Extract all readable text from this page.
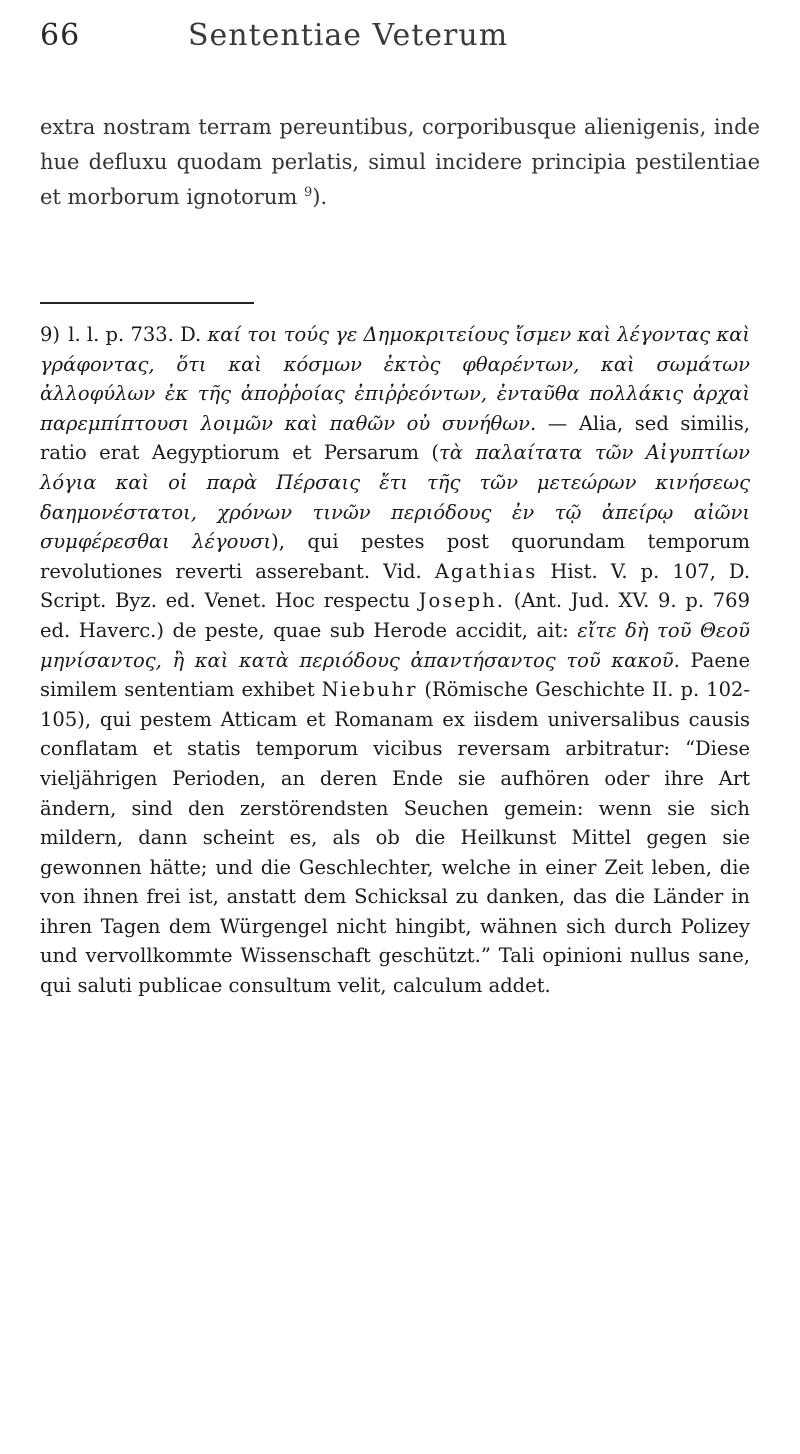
66	Sententiae Veterum

extra nostram terram pereuntibus, corporibusque alienigenis, inde hue defluxu quodam perlatis, simul incidere principia pestilentiae et morborum ignotorum $^9$).

9) l. l. p. 733. D. καί τοι τούς γε Δημοκριτείους ἴσμεν καὶ λέγοντας καὶ γράφοντας, ὅτι καὶ κόσμων ἐκτὸς φθαρέντων, καὶ σωμάτων ἀλλοφύλων ἐκ τῆς ἀποῤῥοίας ἐπιῤῥεόντων, ἐνταῦθα πολλάκις ἀρχαὶ παρεμπίπτουσι λοιμῶν καὶ παθῶν οὐ συνήθων. — Alia, sed similis, ratio erat Aegyptiorum et Persarum (τὰ παλαίτατα τῶν Αἰγυπτίων λόγια καὶ οἱ παρὰ Πέρσαις ἔτι τῆς τῶν μετεώρων κινήσεως δαημονέστατοι, χρόνων τινῶν περιόδους ἐν τῷ ἀπείρῳ αἰῶνι συμφέρεσθαι λέγουσι), qui pestes post quorundam temporum revolutiones reverti asserebant. Vid. Agathias Hist. V. p. 107, D. Script. Byz. ed. Venet. Hoc respectu Joseph. (Ant. Jud. XV. 9. p. 769 ed. Haverc.) de peste, quae sub Herode accidit, ait: εἴτε δὴ τοῦ Θεοῦ μηνίσαντος, ἢ καὶ κατὰ περιόδους ἀπαντήσαντος τοῦ κακοῦ. Paene similem sententiam exhibet Niebuhr (Römische Geschichte II. p. 102-105), qui pestem Atticam et Romanam ex iisdem universalibus causis conflatam et statis temporum vicibus reversam arbitratur: “Diese vieljährigen Perioden, an deren Ende sie aufhören oder ihre Art ändern, sind den zerstörendsten Seuchen gemein: wenn sie sich mildern, dann scheint es, als ob die Heilkunst Mittel gegen sie gewonnen hätte; und die Geschlechter, welche in einer Zeit leben, die von ihnen frei ist, anstatt dem Schicksal zu danken, das die Länder in ihren Tagen dem Würgengel nicht hingibt, wähnen sich durch Polizey und vervollkommte Wissenschaft geschützt.” Tali opinioni nullus sane, qui saluti publicae consultum velit, calculum addet.
